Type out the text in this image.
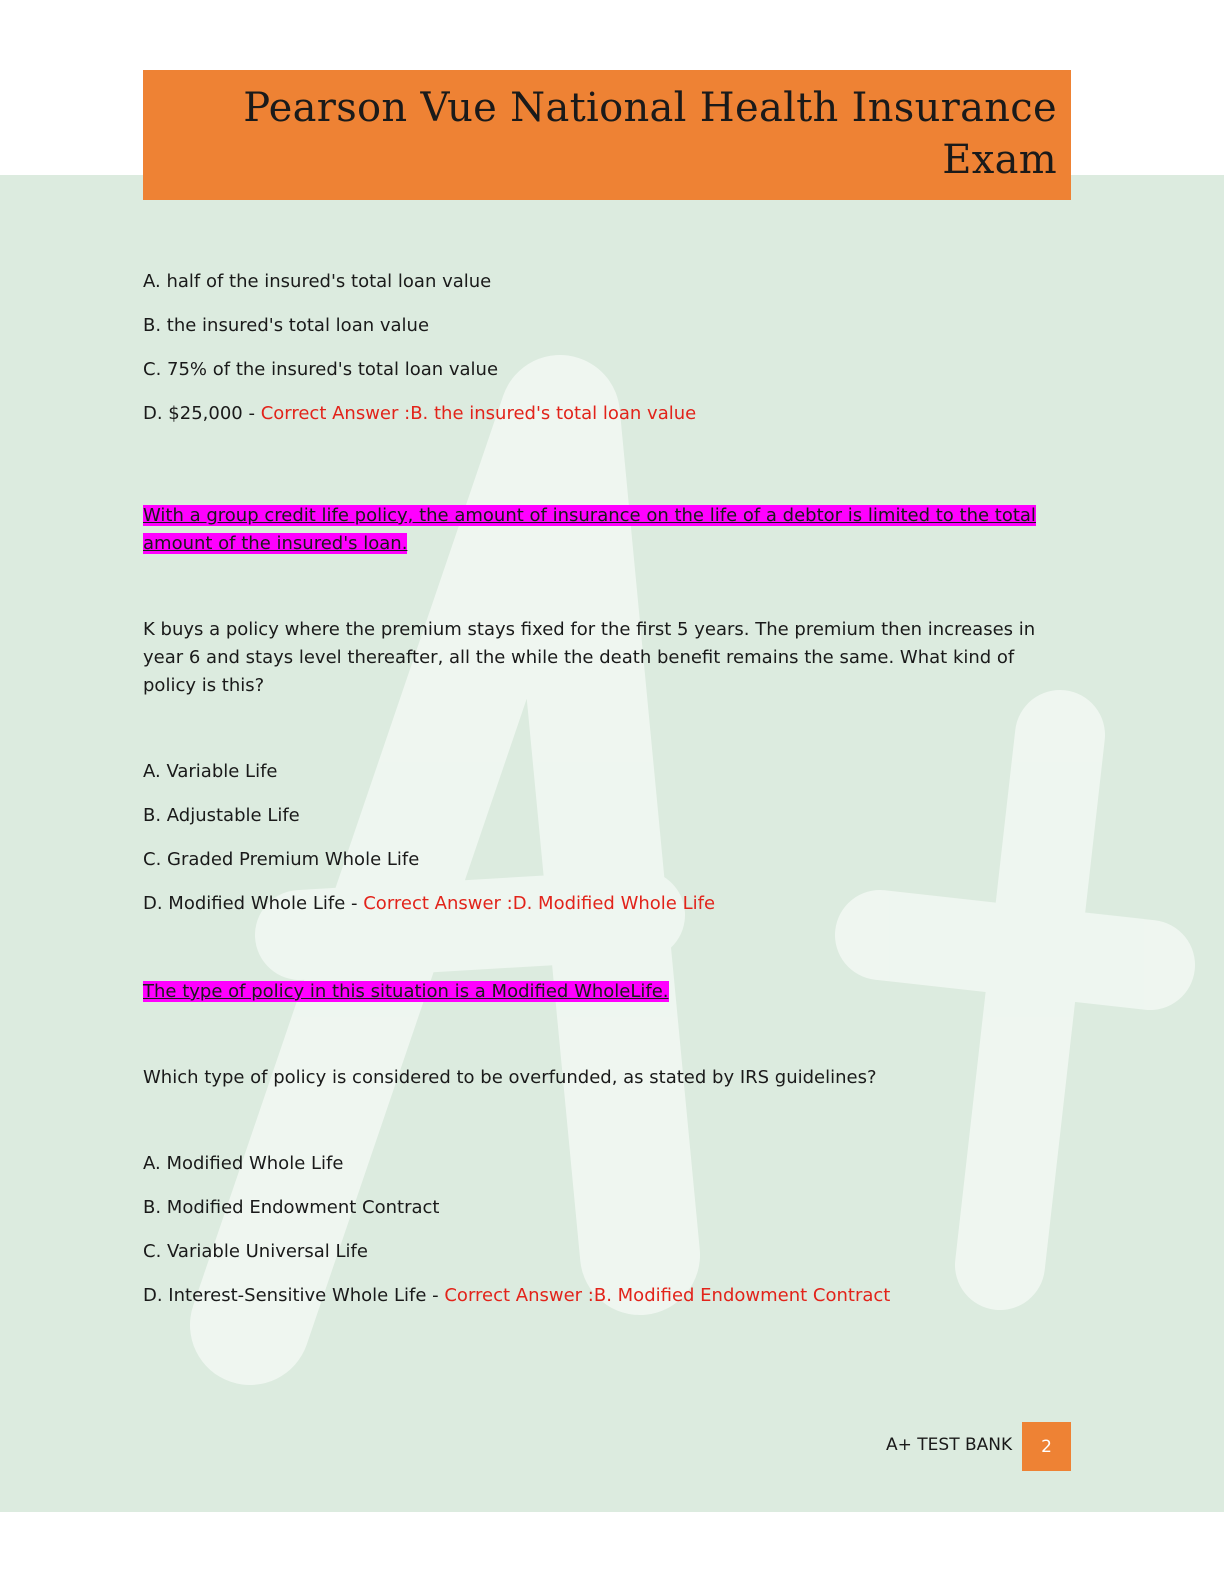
Pearson Vue National Health Insurance
Exam

A. half of the insured's total loan value

B. the insured's total loan value

C. 75% of the insured's total loan value

D. $25,000 - Correct Answer :B. the insured's total loan value

With a group credit life policy, the amount of insurance on the life of a debtor is limited to the total amount of the insured's loan.

K buys a policy where the premium stays fixed for the first 5 years. The premium then increases in year 6 and stays level thereafter, all the while the death benefit remains the same. What kind of policy is this?

A. Variable Life

B. Adjustable Life

C. Graded Premium Whole Life

D. Modified Whole Life - Correct Answer :D. Modified Whole Life

The type of policy in this situation is a Modified WholeLife.

Which type of policy is considered to be overfunded, as stated by IRS guidelines?

A. Modified Whole Life

B. Modified Endowment Contract

C. Variable Universal Life

D. Interest-Sensitive Whole Life - Correct Answer :B. Modified Endowment Contract

A+ TEST BANK 2
